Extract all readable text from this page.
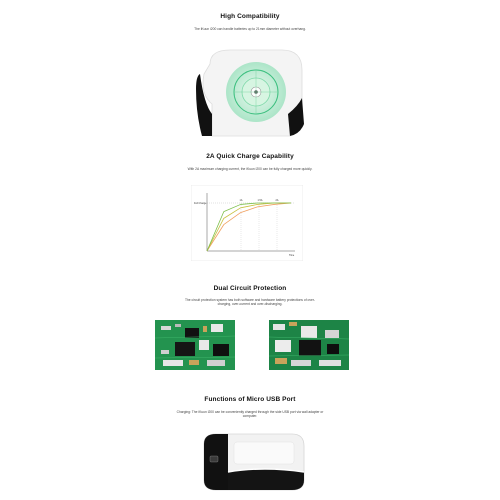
High Compatibility
The iKuun i200 can handle batteries up to 21mm diameter without overhang.
2A Quick Charge Capability
With 2A maximum charging current, the iKuun i200 can be fully charged more quickly.
Full Charge
Time
1A	1.5A	2A
Dual Circuit Protection
The circuit protection system has both software and hardware battery protections of over-charging, over-current and over-discharging.
Functions of Micro USB Port
Charging: The iKuun i200 can be conveniently charged through the side USB port via wall adapter or computer.
